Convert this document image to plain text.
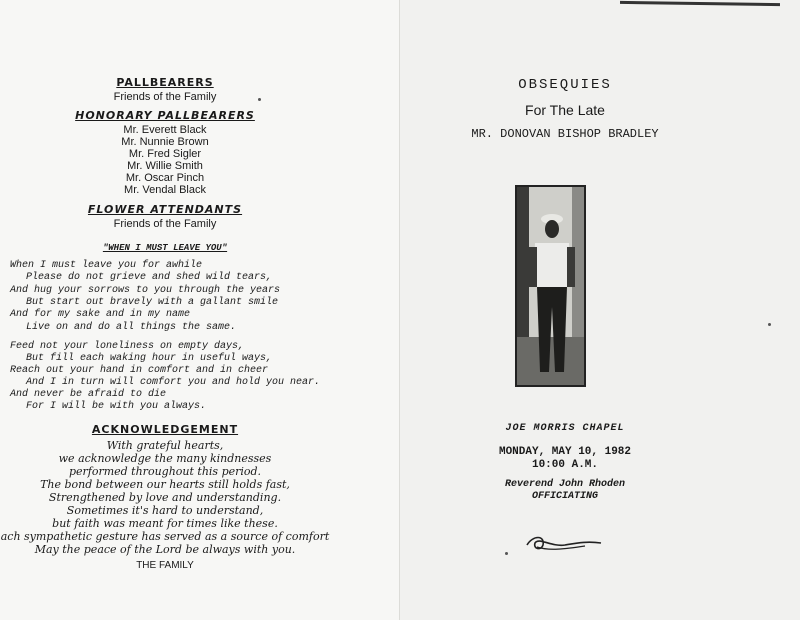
PALLBEARERS
Friends of the Family
HONORARY PALLBEARERS
Mr. Everett Black
Mr. Nunnie Brown
Mr. Fred Sigler
Mr. Willie Smith
Mr. Oscar Pinch
Mr. Vendal Black
FLOWER ATTENDANTS
Friends of the Family
"WHEN I MUST LEAVE YOU"
When I must leave you for awhile
Please do not grieve and shed wild tears,
And hug your sorrows to you through the years
But start out bravely with a gallant smile
And for my sake and in my name
Live on and do all things the same.
Feed not your loneliness on empty days,
But fill each waking hour in useful ways,
Reach out your hand in comfort and in cheer
And I in turn will comfort you and hold you near.
And never be afraid to die
For I will be with you always.
ACKNOWLEDGEMENT
With grateful hearts,
we acknowledge the many kindnesses
performed throughout this period.
The bond between our hearts still holds fast,
Strengthened by love and understanding.
Sometimes it's hard to understand,
but faith was meant for times like these.
ach sympathetic gesture has served as a source of comfort
May the peace of the Lord be always with you.
THE FAMILY
OBSEQUIES
For The Late
MR. DONOVAN BISHOP BRADLEY
JOE MORRIS CHAPEL
MONDAY, MAY 10, 1982
10:00 A.M.
Reverend John Rhoden
OFFICIATING
